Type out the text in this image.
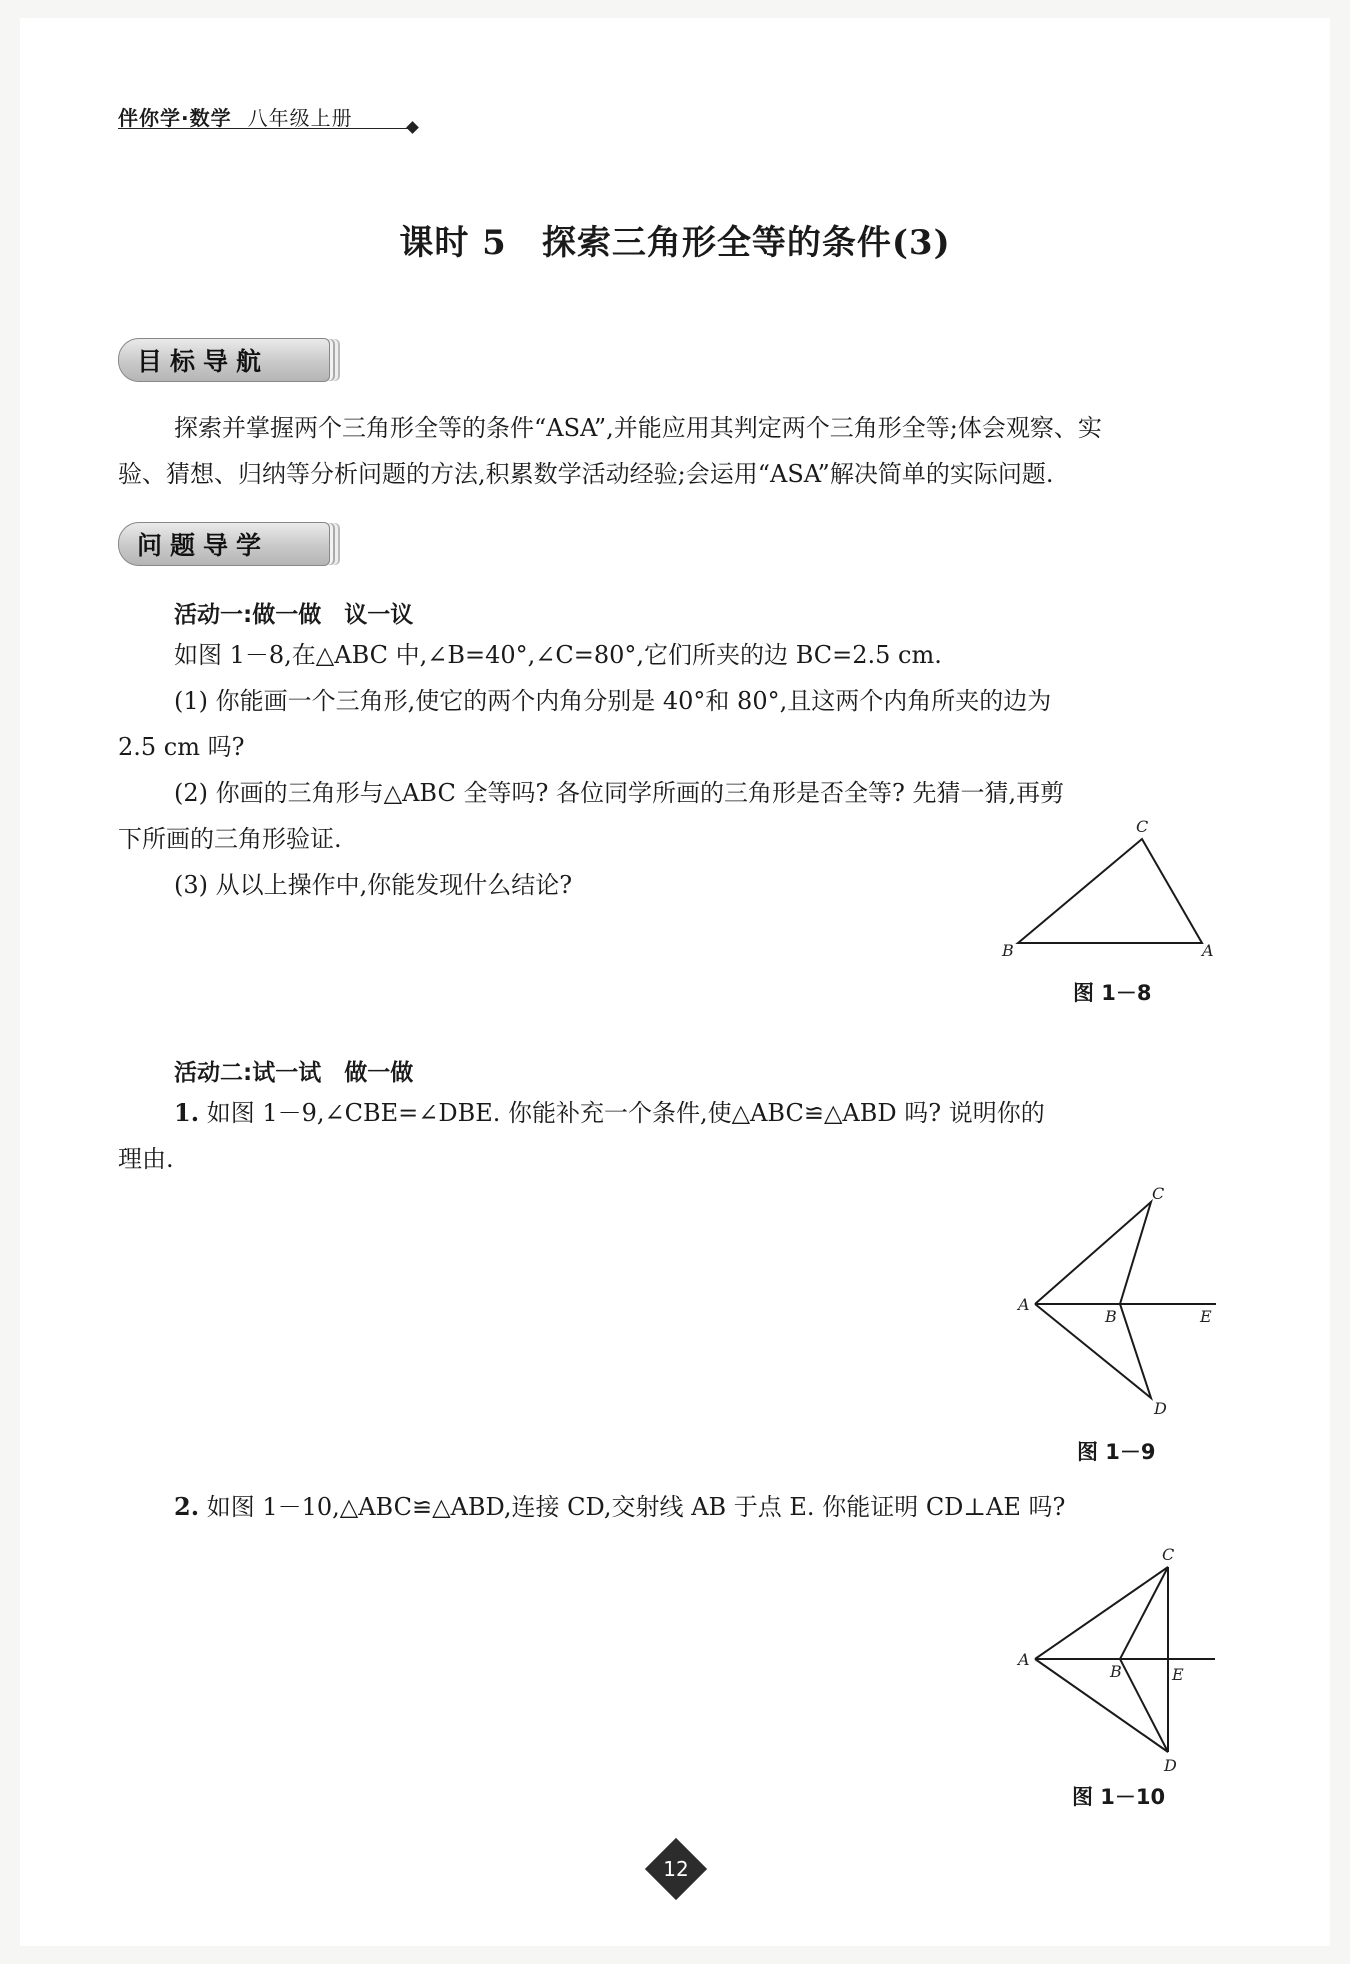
伴你学·数学 八年级上册
课时 5　探索三角形全等的条件(3)
目标导航
探索并掌握两个三角形全等的条件“ASA”,并能应用其判定两个三角形全等;体会观察、实
验、猜想、归纳等分析问题的方法,积累数学活动经验;会运用“ASA”解决简单的实际问题.
问题导学
活动一:做一做　议一议
如图 1－8,在△ABC 中,∠B=40°,∠C=80°,它们所夹的边 BC=2.5 cm.
(1) 你能画一个三角形,使它的两个内角分别是 40°和 80°,且这两个内角所夹的边为
2.5 cm 吗?
(2) 你画的三角形与△ABC 全等吗? 各位同学所画的三角形是否全等? 先猜一猜,再剪
下所画的三角形验证.
(3) 从以上操作中,你能发现什么结论?
C
B	A
图 1－8
活动二:试一试　做一做
1. 如图 1－9,∠CBE=∠DBE. 你能补充一个条件,使△ABC≌△ABD 吗? 说明你的
理由.
C
A
B	E
D
图 1－9
2. 如图 1－10,△ABC≌△ABD,连接 CD,交射线 AB 于点 E. 你能证明 CD⊥AE 吗?
C
A
B	E
D
图 1－10
12
